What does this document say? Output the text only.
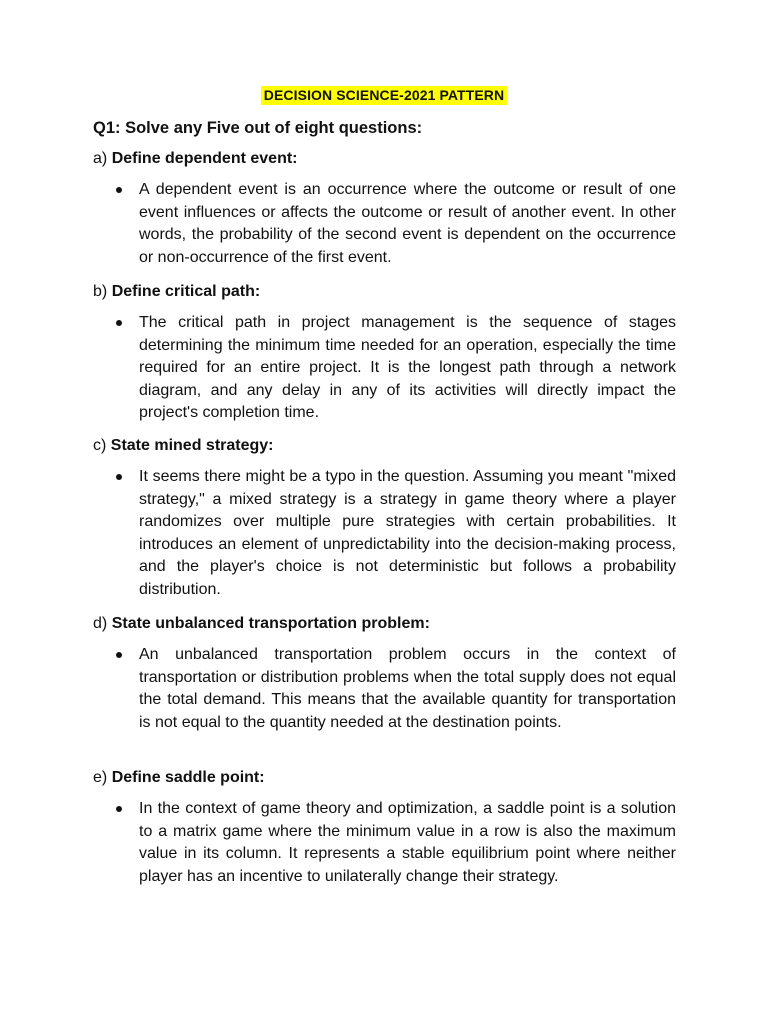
DECISION SCIENCE-2021 PATTERN
Q1: Solve any Five out of eight questions:
a) Define dependent event:
A dependent event is an occurrence where the outcome or result of one event influences or affects the outcome or result of another event. In other words, the probability of the second event is dependent on the occurrence or non-occurrence of the first event.
b) Define critical path:
The critical path in project management is the sequence of stages determining the minimum time needed for an operation, especially the time required for an entire project. It is the longest path through a network diagram, and any delay in any of its activities will directly impact the project's completion time.
c) State mined strategy:
It seems there might be a typo in the question. Assuming you meant "mixed strategy," a mixed strategy is a strategy in game theory where a player randomizes over multiple pure strategies with certain probabilities. It introduces an element of unpredictability into the decision-making process, and the player's choice is not deterministic but follows a probability distribution.
d) State unbalanced transportation problem:
An unbalanced transportation problem occurs in the context of transportation or distribution problems when the total supply does not equal the total demand. This means that the available quantity for transportation is not equal to the quantity needed at the destination points.
e) Define saddle point:
In the context of game theory and optimization, a saddle point is a solution to a matrix game where the minimum value in a row is also the maximum value in its column. It represents a stable equilibrium point where neither player has an incentive to unilaterally change their strategy.
